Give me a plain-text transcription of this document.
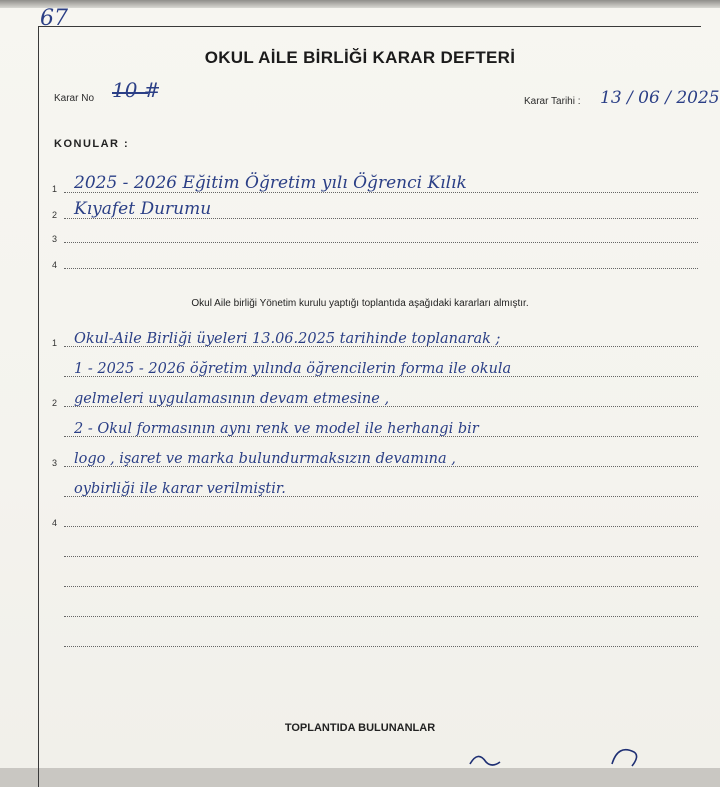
67
OKUL AİLE BİRLİĞİ KARAR DEFTERİ
Karar No 10 #	Karar Tarihi : 13 / 06 / 2025
KONULAR :
1 2025 - 2026 Eğitim Öğretim yılı Öğrenci Kılık
2 Kıyafet Durumu
3
4
Okul Aile birliği Yönetim kurulu yaptığı toplantıda aşağıdaki kararları almıştır.
1 Okul-Aile Birliği üyeleri 13.06.2025 tarihinde toplanarak ;
1 - 2025 - 2026 öğretim yılında öğrencilerin forma ile okula
2 gelmeleri uygulamasının devam etmesine ,
2 - Okul formasının aynı renk ve model ile herhangi bir
3 logo , işaret ve marka bulundurmaksızın devamına ,
oybirliği ile karar verilmiştir.
4
TOPLANTIDA BULUNANLAR
